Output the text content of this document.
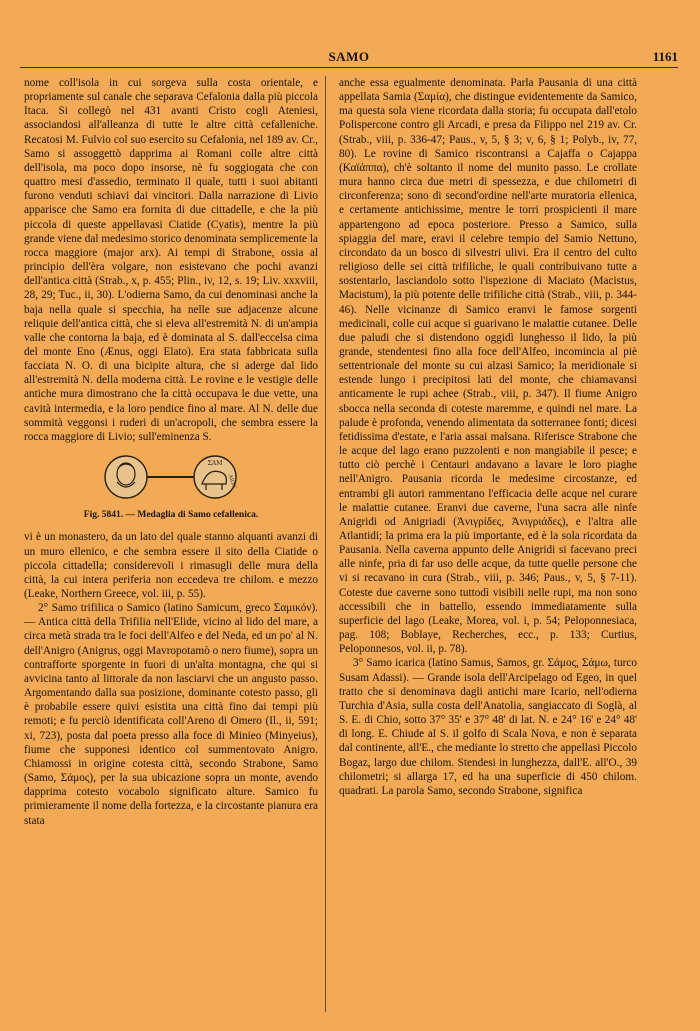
SAMO	1161

nome coll'isola in cui sorgeva sulla costa orientale, e propriamente sul canale che separava Cefalonia dalla più piccola Itaca. Si collegò nel 431 avanti Cristo cogli Ateniesi, associandosi all'alleanza di tutte le altre città cefalleniche. Recatosi M. Fulvio col suo esercito su Cefalonia, nel 189 av. Cr., Samo si assoggettò dapprima ai Romani colle altre città dell'isola, ma poco dopo insorse, nè fu soggiogata che con quattro mesi d'assedio, terminato il quale, tutti i suoi abitanti furono venduti schiavi dai vincitori. Dalla narrazione di Livio apparisce che Samo era fornita di due cittadelle, e che la più piccola di queste appellavasi Ciatide (Cyatis), mentre la più grande viene dal medesimo storico denominata semplicemente la rocca maggiore (major arx). Ai tempi di Strabone, ossia al principio dell'èra volgare, non esistevano che pochi avanzi dell'antica città (Strab., x, p. 455; Plin., iv, 12, s. 19; Liv. xxxviii, 28, 29; Tuc., ii, 30). L'odierna Samo, da cui denominasi anche la baja nella quale si specchia, ha nelle sue adjacenze alcune reliquie dell'antica città, che si eleva all'estremità N. di un'ampia valle che contorna la baja, ed è dominata al S. dall'eccelsa cima del monte Eno (Ænus, oggi Elato). Era stata fabbricata sulla facciata N. O. di una bicipite altura, che si aderge dal lido all'estremità N. della moderna città. Le rovine e le vestigie delle antiche mura dimostrano che la città occupava le due vette, una cavità intermedia, e la loro pendice fino al mare. Al N. delle due sommità veggonsi i ruderi di un'acropoli, che sembra essere la rocca maggiore di Livio; sull'eminenza S.

ΣΑΜ
ΑΙΩΝ
Fig. 5841. — Medaglia di Samo cefallenica.

vi è un monastero, da un lato del quale stanno alquanti avanzi di un muro ellenico, e che sembra essere il sito della Ciatide o piccola cittadella; considerevoli i rimasugli delle mura della città, la cui intera periferia non eccedeva tre chilom. e mezzo (Leake, Northern Greece, vol. iii, p. 55).

2° Samo trifilica o Samico (latino Samicum, greco Σαμικόν). — Antica città della Trifilia nell'Elide, vicino al lido del mare, a circa metà strada tra le foci dell'Alfeo e del Neda, ed un po' al N. dell'Anigro (Anigrus, oggi Mavropotamò o nero fiume), sopra un contrafforte sporgente in fuori di un'alta montagna, che qui si avvicina tanto al littorale da non lasciarvi che un angusto passo. Argomentando dalla sua posizione, dominante cotesto passo, gli è probabile essere quivi esistita una città fino dai tempi più remoti; e fu perciò identificata coll'Areno di Omero (Il., ii, 591; xi, 723), posta dal poeta presso alla foce di Minieo (Minyeius), fiume che supponesi identico col summentovato Anigro. Chiamossi in origine cotesta città, secondo Strabone, Samo (Samo, Σάμος), per la sua ubicazione sopra un monte, avendo dapprima cotesto vocabolo significato alture. Samico fu primieramente il nome della fortezza, e la circostante pianura era stata

anche essa egualmente denominata. Parla Pausania di una città appellata Samia (Σαμία), che distingue evidentemente da Samico, ma questa sola viene ricordata dalla storia; fu occupata dall'etolo Polispercone contro gli Arcadi, e presa da Filippo nel 219 av. Cr. (Strab., viii, p. 336-47; Paus., v, 5, § 3; v, 6, § 1; Polyb., iv, 77, 80). Le rovine di Samico riscontransi a Cajaffa o Cajappa (Καϊάππα), ch'è soltanto il nome del munito passo. Le crollate mura hanno circa due metri di spessezza, e due chilometri di circonferenza; sono di second'ordine nell'arte muratoria ellenica, e certamente antichissime, mentre le torri prospicienti il mare appartengono ad epoca posteriore. Presso a Samico, sulla spiaggia del mare, eravi il celebre tempio del Samio Nettuno, circondato da un bosco di silvestri ulivi. Era il centro del culto religioso delle sei città trifiliche, le quali contribuivano tutte a sostentarlo, lasciandolo sotto l'ispezione di Maciato (Macistus, Macistum), la più potente delle trifiliche città (Strab., viii, p. 344-46). Nelle vicinanze di Samico eranvi le famose sorgenti medicinali, colle cui acque si guarivano le malattie cutanee. Delle due paludi che si distendono oggidì lunghesso il lido, la più grande, stendentesi fino alla foce dell'Alfeo, incomincia al piè settentrionale del monte su cui alzasi Samico; la meridionale si estende lungo i precipitosi lati del monte, che chiamavansi anticamente le rupi achee (Strab., viii, p. 347). Il fiume Anigro sbocca nella seconda di coteste maremme, e quindi nel mare. La palude è profonda, venendo alimentata da sotterranee fonti; dicesi fetidissima d'estate, e l'aria assai malsana. Riferisce Strabone che le acque del lago erano puzzolenti e non mangiabile il pesce; e tutto ciò perchè i Centauri andavano a lavare le loro piaghe nell'Anigro. Pausania ricorda le medesime circostanze, ed entrambi gli autori rammentano l'efficacia delle acque nel curare le malattie cutanee. Eranvi due caverne, l'una sacra alle ninfe Anigridi od Anigriadi (Ἀνιγρίδες, Ἀνιγριάδες), e l'altra alle Atlantidi; la prima era la più importante, ed è la sola ricordata da Pausania. Nella caverna appunto delle Anigridi si facevano preci alle ninfe, pria di far uso delle acque, da tutte quelle persone che vi si recavano in cura (Strab., viii, p. 346; Paus., v, 5, § 7-11). Coteste due caverne sono tuttodì visibili nelle rupi, ma non sono accessibili che in battello, essendo immediatamente sulla superficie del lago (Leake, Morea, vol. i, p. 54; Peloponnesiaca, pag. 108; Boblaye, Recherches, ecc., p. 133; Curtius, Peloponnesos, vol. ii, p. 78).

3° Samo icarica (latino Samus, Samos, gr. Σάμος, Σάμω, turco Susam Adassi). — Grande isola dell'Arcipelago od Egeo, in quel tratto che si denominava dagli antichi mare Icario, nell'odierna Turchia d'Asia, sulla costa dell'Anatolia, sangiaccato di Soglà, al S. E. di Chio, sotto 37° 35' e 37° 48' di lat. N. e 24° 16' e 24° 48' di long. E. Chiude al S. il golfo di Scala Nova, e non è separata dal continente, all'E., che mediante lo stretto che appellasi Piccolo Bogaz, largo due chilom. Stendesi in lunghezza, dall'E. all'O., 39 chilometri; si allarga 17, ed ha una superficie di 450 chilom. quadrati. La parola Samo, secondo Strabone, significa
